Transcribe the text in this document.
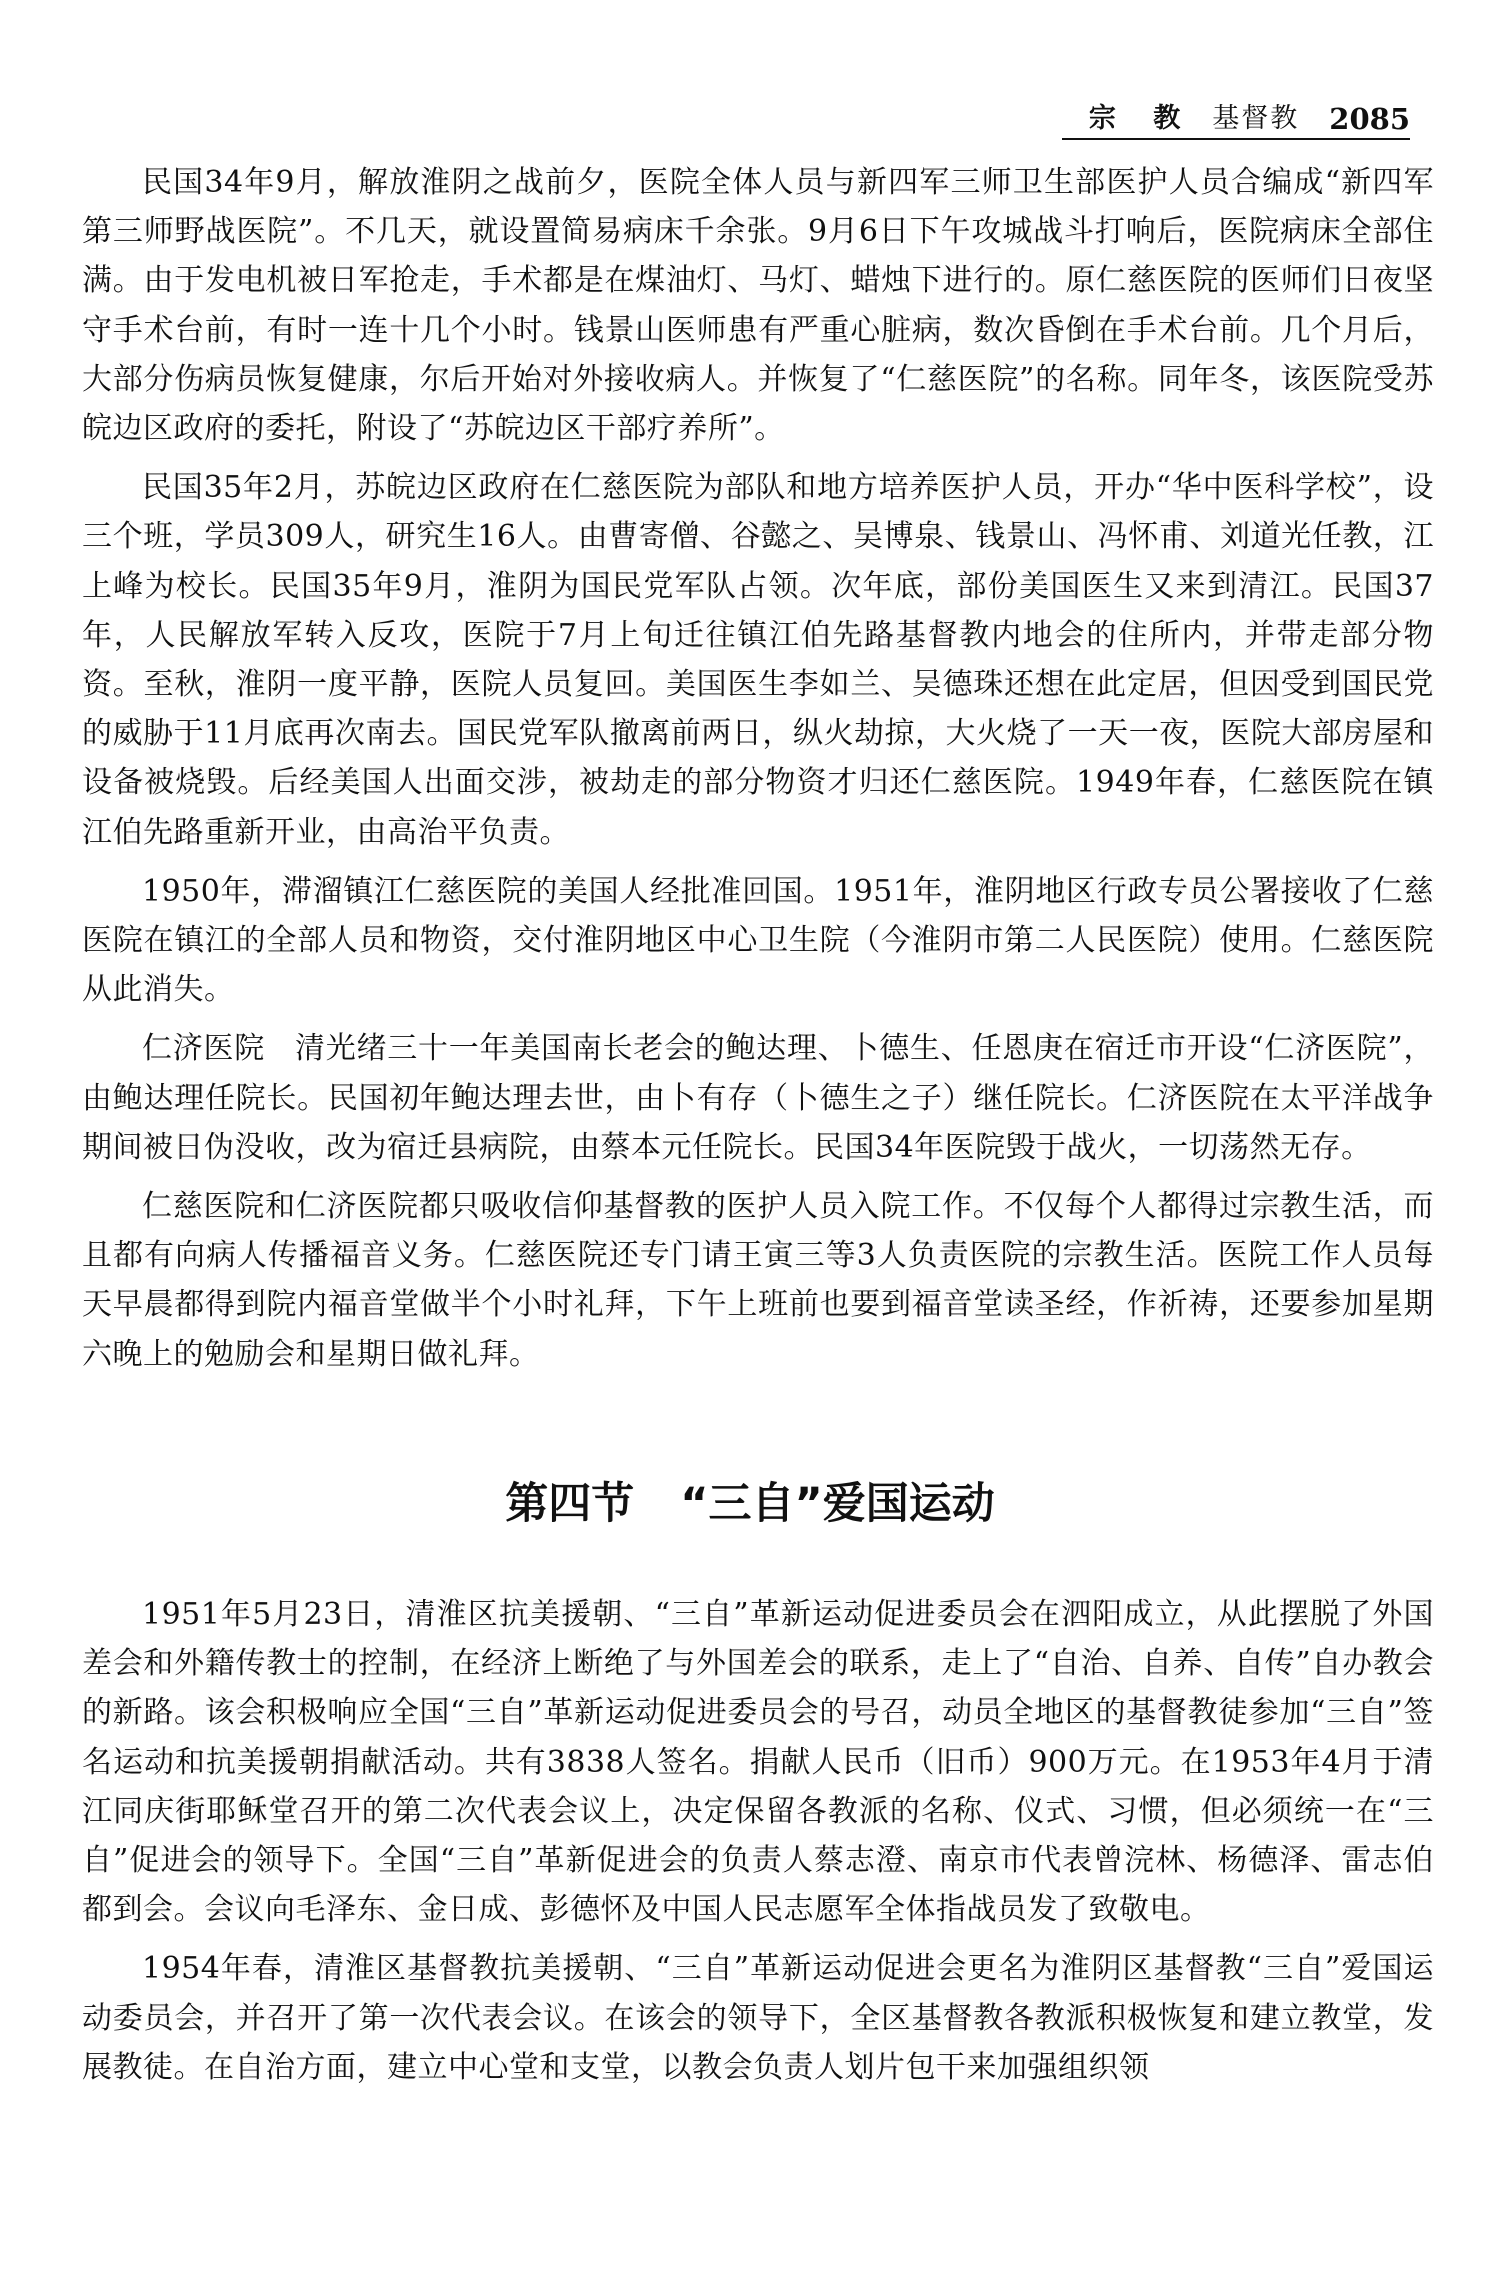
宗 教 基督教 2085

民国34年9月，解放淮阴之战前夕，医院全体人员与新四军三师卫生部医护人员合编成“新四军第三师野战医院”。不几天，就设置简易病床千余张。9月6日下午攻城战斗打响后，医院病床全部住满。由于发电机被日军抢走，手术都是在煤油灯、马灯、蜡烛下进行的。原仁慈医院的医师们日夜坚守手术台前，有时一连十几个小时。钱景山医师患有严重心脏病，数次昏倒在手术台前。几个月后，大部分伤病员恢复健康，尔后开始对外接收病人。并恢复了“仁慈医院”的名称。同年冬，该医院受苏皖边区政府的委托，附设了“苏皖边区干部疗养所”。

民国35年2月，苏皖边区政府在仁慈医院为部队和地方培养医护人员，开办“华中医科学校”，设三个班，学员309人，研究生16人。由曹寄僧、谷懿之、吴博泉、钱景山、冯怀甫、刘道光任教，江上峰为校长。民国35年9月，淮阴为国民党军队占领。次年底，部份美国医生又来到清江。民国37年，人民解放军转入反攻，医院于7月上旬迁往镇江伯先路基督教内地会的住所内，并带走部分物资。至秋，淮阴一度平静，医院人员复回。美国医生李如兰、吴德珠还想在此定居，但因受到国民党的威胁于11月底再次南去。国民党军队撤离前两日，纵火劫掠，大火烧了一天一夜，医院大部房屋和设备被烧毁。后经美国人出面交涉，被劫走的部分物资才归还仁慈医院。1949年春，仁慈医院在镇江伯先路重新开业，由高治平负责。

1950年，滞溜镇江仁慈医院的美国人经批准回国。1951年，淮阴地区行政专员公署接收了仁慈医院在镇江的全部人员和物资，交付淮阴地区中心卫生院（今淮阴市第二人民医院）使用。仁慈医院从此消失。

仁济医院 清光绪三十一年美国南长老会的鲍达理、卜德生、任恩庚在宿迁市开设“仁济医院”，由鲍达理任院长。民国初年鲍达理去世，由卜有存（卜德生之子）继任院长。仁济医院在太平洋战争期间被日伪没收，改为宿迁县病院，由蔡本元任院长。民国34年医院毁于战火，一切荡然无存。

仁慈医院和仁济医院都只吸收信仰基督教的医护人员入院工作。不仅每个人都得过宗教生活，而且都有向病人传播福音义务。仁慈医院还专门请王寅三等3人负责医院的宗教生活。医院工作人员每天早晨都得到院内福音堂做半个小时礼拜，下午上班前也要到福音堂读圣经，作祈祷，还要参加星期六晚上的勉励会和星期日做礼拜。

第四节 “三自”爱国运动

1951年5月23日，清淮区抗美援朝、“三自”革新运动促进委员会在泗阳成立，从此摆脱了外国差会和外籍传教士的控制，在经济上断绝了与外国差会的联系，走上了“自治、自养、自传”自办教会的新路。该会积极响应全国“三自”革新运动促进委员会的号召，动员全地区的基督教徒参加“三自”签名运动和抗美援朝捐献活动。共有3838人签名。捐献人民币（旧币）900万元。在1953年4月于清江同庆街耶稣堂召开的第二次代表会议上，决定保留各教派的名称、仪式、习惯，但必须统一在“三自”促进会的领导下。全国“三自”革新促进会的负责人蔡志澄、南京市代表曾浣林、杨德泽、雷志伯都到会。会议向毛泽东、金日成、彭德怀及中国人民志愿军全体指战员发了致敬电。

1954年春，清淮区基督教抗美援朝、“三自”革新运动促进会更名为淮阴区基督教“三自”爱国运动委员会，并召开了第一次代表会议。在该会的领导下，全区基督教各教派积极恢复和建立教堂，发展教徒。在自治方面，建立中心堂和支堂，以教会负责人划片包干来加强组织领
